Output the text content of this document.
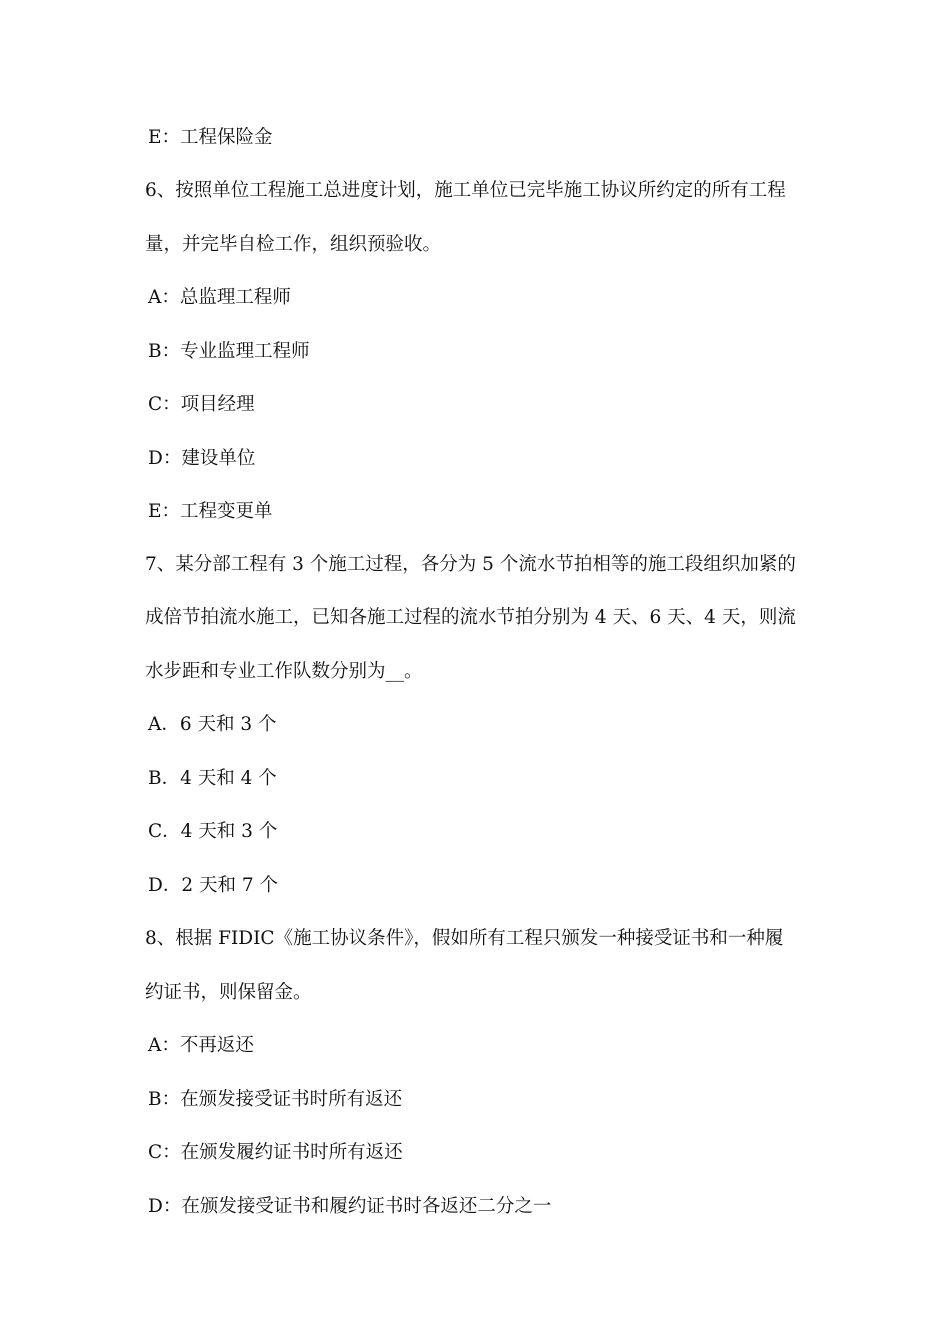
E：工程保险金
6、按照单位工程施工总进度计划，施工单位已完毕施工协议所约定的所有工程
量，并完毕自检工作，组织预验收。
A：总监理工程师
B：专业监理工程师
C：项目经理
D：建设单位
E：工程变更单
7、某分部工程有 3 个施工过程，各分为 5 个流水节拍相等的施工段组织加紧的
成倍节拍流水施工，已知各施工过程的流水节拍分别为 4 天、6 天、4 天，则流
水步距和专业工作队数分别为__。
A．6 天和 3 个
B．4 天和 4 个
C．4 天和 3 个
D．2 天和 7 个
8、根据 FIDIC《施工协议条件》，假如所有工程只颁发一种接受证书和一种履
约证书，则保留金。
A：不再返还
B：在颁发接受证书时所有返还
C：在颁发履约证书时所有返还
D：在颁发接受证书和履约证书时各返还二分之一
